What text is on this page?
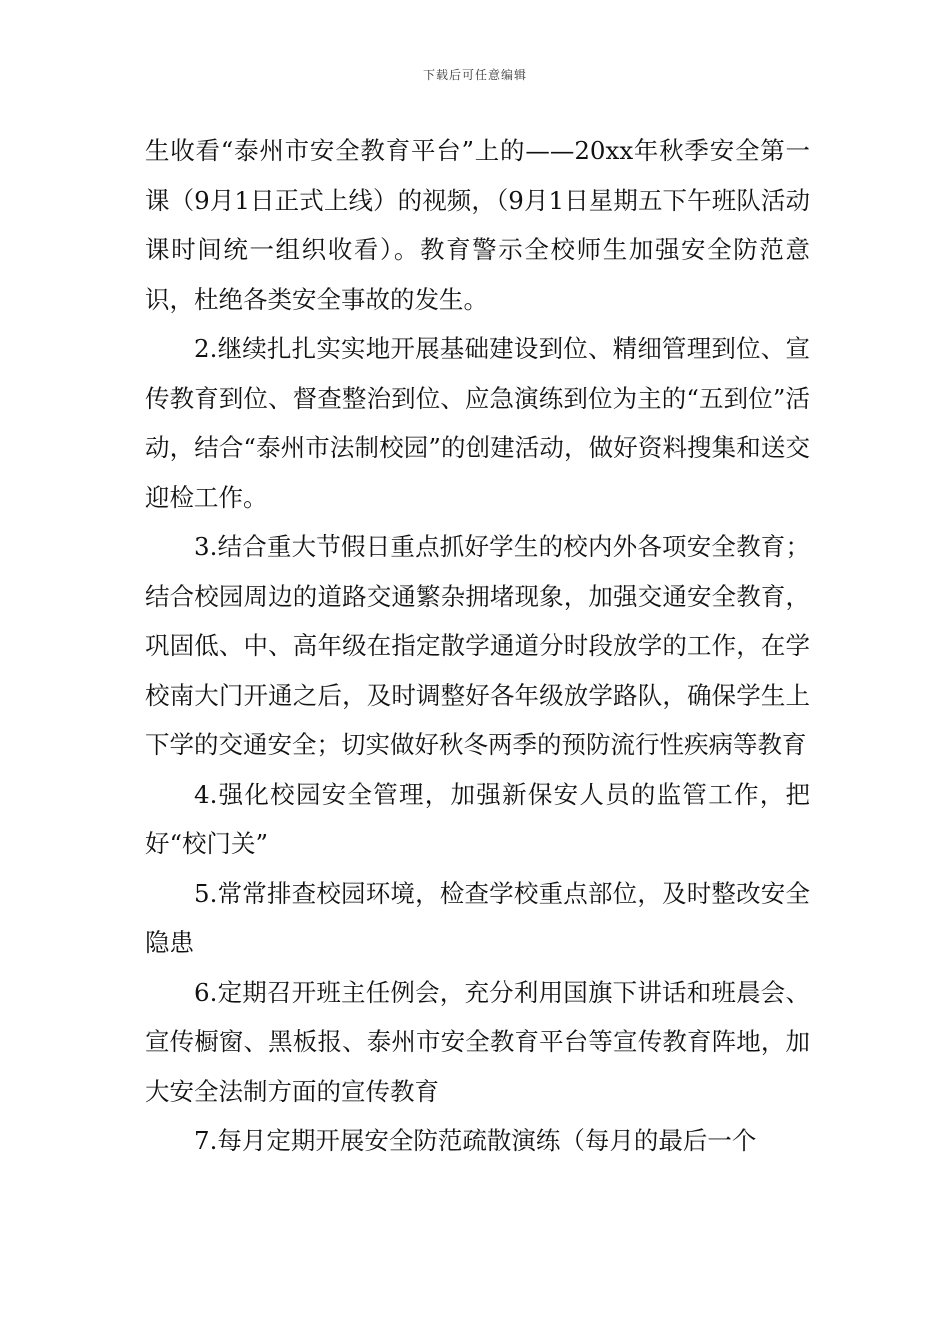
下载后可任意编辑

生收看“泰州市安全教育平台”上的——20xx年秋季安全第一课（9月1日正式上线）的视频，（9月1日星期五下午班队活动课时间统一组织收看）。教育警示全校师生加强安全防范意识，杜绝各类安全事故的发生。

2.继续扎扎实实地开展基础建设到位、精细管理到位、宣传教育到位、督查整治到位、应急演练到位为主的“五到位”活动，结合“泰州市法制校园”的创建活动，做好资料搜集和送交迎检工作。

3.结合重大节假日重点抓好学生的校内外各项安全教育；结合校园周边的道路交通繁杂拥堵现象，加强交通安全教育，巩固低、中、高年级在指定散学通道分时段放学的工作，在学校南大门开通之后，及时调整好各年级放学路队，确保学生上下学的交通安全；切实做好秋冬两季的预防流行性疾病等教育

4.强化校园安全管理，加强新保安人员的监管工作，把好“校门关”

5.常常排查校园环境，检查学校重点部位，及时整改安全隐患

6.定期召开班主任例会，充分利用国旗下讲话和班晨会、宣传橱窗、黑板报、泰州市安全教育平台等宣传教育阵地，加大安全法制方面的宣传教育

7.每月定期开展安全防范疏散演练（每月的最后一个
